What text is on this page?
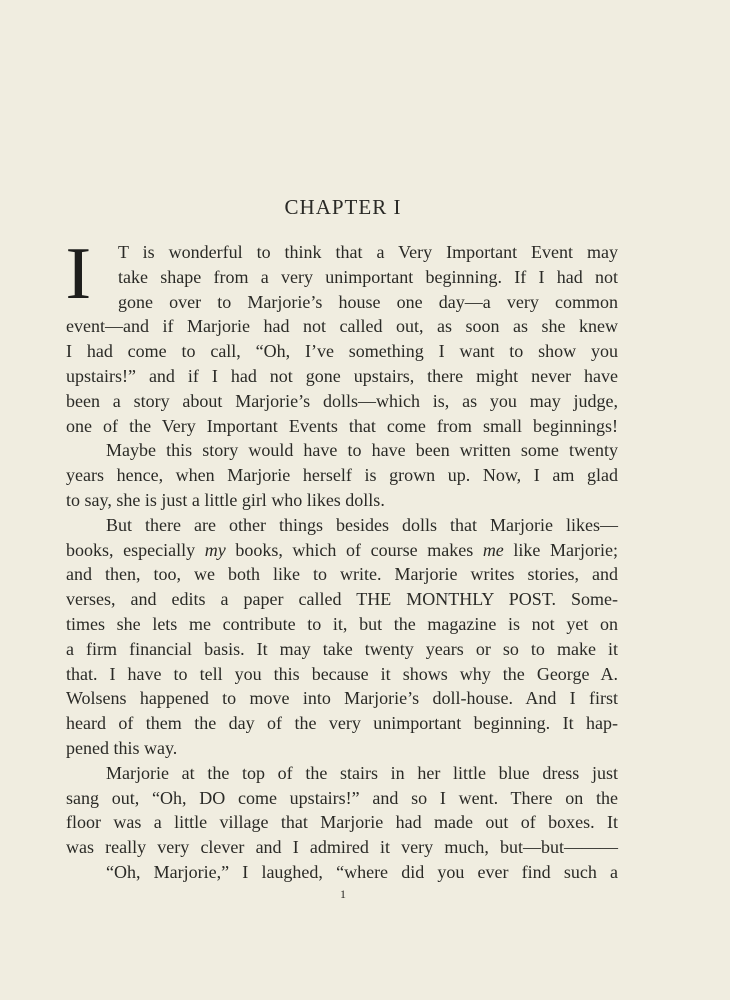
CHAPTER I
I T is wonderful to think that a Very Important Event may
take shape from a very unimportant beginning. If I had not
gone over to Marjorie’s house one day—a very common
event—and if Marjorie had not called out, as soon as she knew
I had come to call, “Oh, I’ve something I want to show you
upstairs!” and if I had not gone upstairs, there might never have
been a story about Marjorie’s dolls—which is, as you may judge,
one of the Very Important Events that come from small beginnings!
Maybe this story would have to have been written some twenty
years hence, when Marjorie herself is grown up. Now, I am glad
to say, she is just a little girl who likes dolls.
But there are other things besides dolls that Marjorie likes—
books, especially my books, which of course makes me like Marjorie;
and then, too, we both like to write. Marjorie writes stories, and
verses, and edits a paper called THE MONTHLY POST. Some-
times she lets me contribute to it, but the magazine is not yet on
a firm financial basis. It may take twenty years or so to make it
that. I have to tell you this because it shows why the George A.
Wolsens happened to move into Marjorie’s doll-house. And I first
heard of them the day of the very unimportant beginning. It hap-
pened this way.
Marjorie at the top of the stairs in her little blue dress just
sang out, “Oh, DO come upstairs!” and so I went. There on the
floor was a little village that Marjorie had made out of boxes. It
was really very clever and I admired it very much, but—but———
“Oh, Marjorie,” I laughed, “where did you ever find such a
1
